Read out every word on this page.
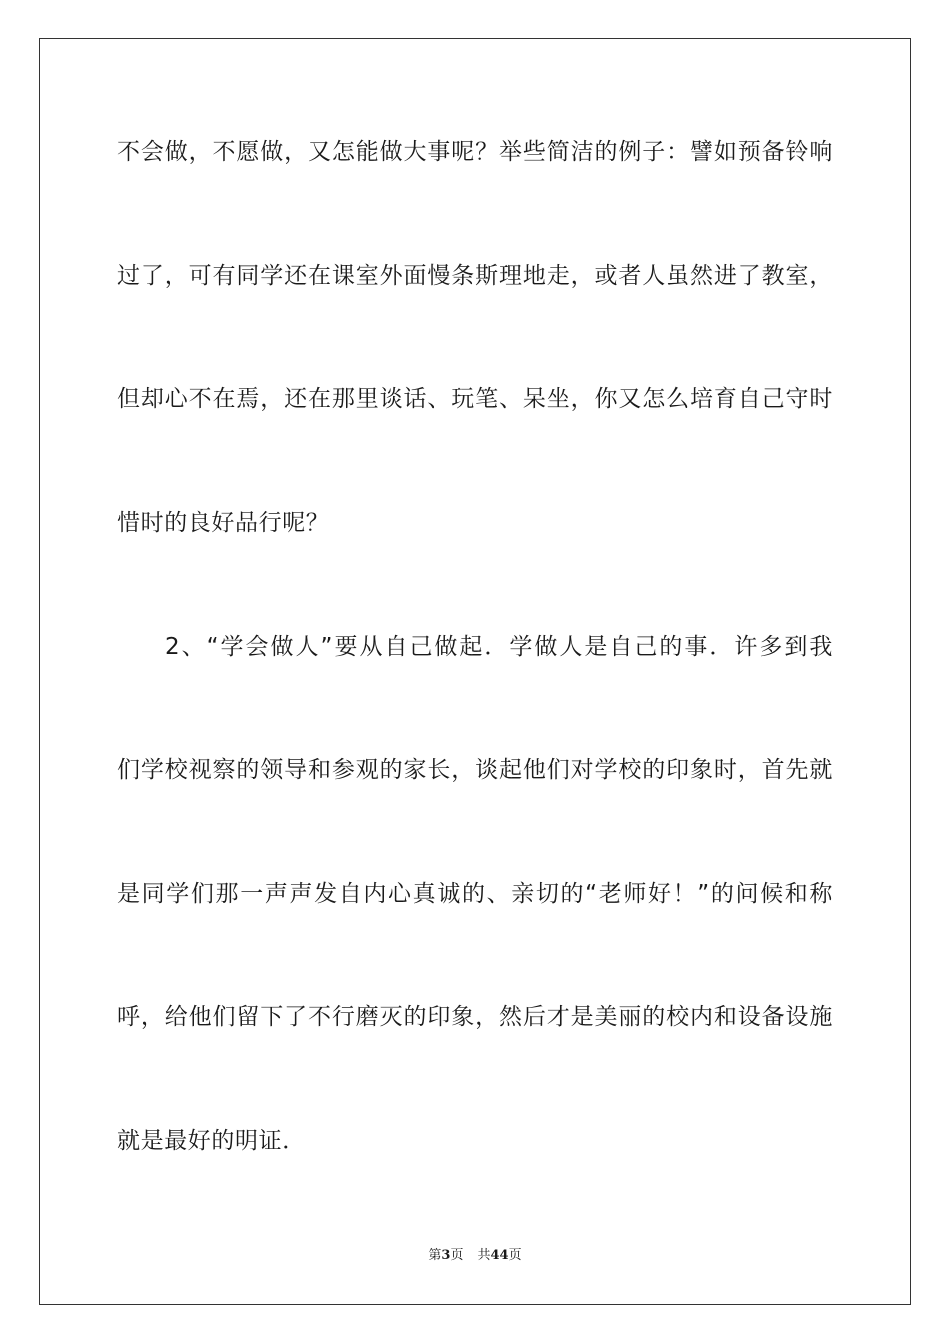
不会做，不愿做，又怎能做大事呢？举些简洁的例子：譬如预备铃响
过了，可有同学还在课室外面慢条斯理地走，或者人虽然进了教室，
但却心不在焉，还在那里谈话、玩笔、呆坐，你又怎么培育自己守时
惜时的良好品行呢？
2、“学会做人”要从自己做起．学做人是自己的事．许多到我
们学校视察的领导和参观的家长，谈起他们对学校的印象时，首先就
是同学们那一声声发自内心真诚的、亲切的“老师好！”的问候和称
呼，给他们留下了不行磨灭的印象，然后才是美丽的校内和设备设施
就是最好的明证．
第3页 共44页
